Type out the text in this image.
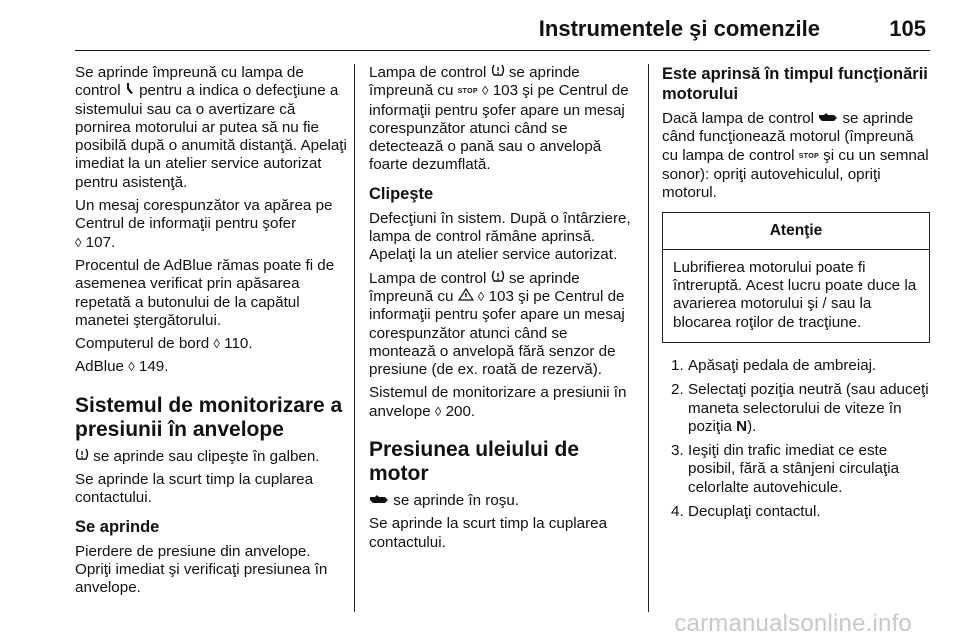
Instrumentele şi comenzile	105

Se aprinde împreună cu lampa de control pentru a indica o defecţiune a sistemului sau ca o avertizare că pornirea motorului ar putea să nu fie posibilă după o anumită distanţă. Apelaţi imediat la un atelier service autorizat pentru asistenţă.

Un mesaj corespunzător va apărea pe Centrul de informaţii pentru şofer
◊ 107.

Procentul de AdBlue rămas poate fi de asemenea verificat prin apăsarea repetată a butonului de la capătul manetei ştergătorului.

Computerul de bord ◊ 110.

AdBlue ◊ 149.

Sistemul de monitorizare a presiunii în anvelope

se aprinde sau clipeşte în galben.

Se aprinde la scurt timp la cuplarea contactului.

Se aprinde

Pierdere de presiune din anvelope. Opriţi imediat şi verificaţi presiunea în anvelope.

Lampa de control se aprinde împreună cu STOP ◊ 103 şi pe Centrul de informaţii pentru şofer apare un mesaj corespunzător atunci când se detectează o pană sau o anvelopă foarte dezumflată.

Clipeşte

Defecţiuni în sistem. După o întârziere, lampa de control rămâne aprinsă. Apelaţi la un atelier service autorizat.

Lampa de control se aprinde împreună cu ◊ 103 şi pe Centrul de informaţii pentru şofer apare un mesaj corespunzător atunci când se montează o anvelopă fără senzor de presiune (de ex. roată de rezervă).

Sistemul de monitorizare a presiunii în anvelope ◊ 200.

Presiunea uleiului de motor

se aprinde în roşu.

Se aprinde la scurt timp la cuplarea contactului.

Este aprinsă în timpul funcţionării motorului

Dacă lampa de control se aprinde când funcţionează motorul (împreună cu lampa de control STOP şi cu un semnal sonor): opriţi autovehiculul, opriţi motorul.

Atenţie
Lubrifierea motorului poate fi întreruptă. Acest lucru poate duce la avarierea motorului şi / sau la blocarea roţilor de tracţiune.
1. Apăsaţi pedala de ambreiaj.
2. Selectaţi poziţia neutră (sau aduceţi maneta selectorului de viteze în poziţia N).
3. Ieşiţi din trafic imediat ce este posibil, fără a stânjeni circulaţia celorlalte autovehicule.
4. Decuplaţi contactul.
carmanualsonline.info
